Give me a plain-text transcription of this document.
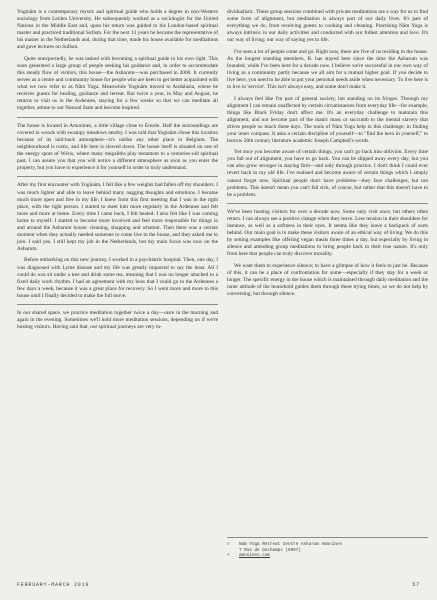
Yoginām is a contemporary mystic and spiritual guide who holds a degree in non-Western sociology from Leiden University. He subsequently worked as a sociologist for the United Nations in the Middle East and, upon his return was guided to his London-based spiritual master and practiced traditional Sufism. For the next 13 years he became the representative of his master in the Netherlands and, during that time, made his house available for meditations and gave lectures on Sufism.

Quite unexpectedly, he was tasked with becoming a spiritual guide in his own right. This soon generated a large group of people seeking his guidance and, in order to accommodate this steady flow of visitors, this house—the Asharum—was purchased in 2000. It currently serves as a centre and community house for people who are keen to get better acquainted with what we now refer to as Nām Yoga. Meanwhile Yoginām moved to Andalusia, where he receives guests for healing, guidance and retreat. But twice a year, in May and August, he returns to visit us in the Ardennes, staying for a few weeks so that we can meditate all together, attune to our Natural State and become inspired.

The house is located in Amonines, a little village close to Érezée. Half the surroundings are covered in woods with swampy meadows nearby. I was told that Yoginām chose this location because of its laid-back atmosphere—it's unlike any other place in Belgium. The neighbourhood is rustic, and life here is slowed down. The house itself is situated on one of the energy spots of Wéris, where many megaliths play testament to a centuries-old spiritual past. I can assure you that you will notice a different atmosphere as soon as you enter the property, but you have to experience it for yourself in order to truly understand.

After my first encounter with Yoginām, I felt like a few weights had fallen off my shoulders. I was much lighter and able to leave behind many nagging thoughts and emotions. I became much more open and free in my life. I knew from this first meeting that I was in the right place, with the right person. I started to meet him more regularly in the Ardennes and felt more and more at home. Every time I came back, I felt healed. I also felt like I was coming home to myself. I started to become more involved and feel more responsible for things in and around the Asharum house: cleaning, shopping and whatnot. Then there was a certain moment when they actually needed someone to come live in the house, and they asked me to join. I said yes. I still kept my job in the Netherlands, but my main focus was now on the Asharum.

Before embarking on this new journey, I worked in a psychiatric hospital. Then, one day, I was diagnosed with Lyme disease and my life was greatly impacted to say the least. All I could do was sit under a tree and drink some tea, meaning that I was no longer attached to a fixed daily work rhythm. I had an agreement with my boss that I could go to the Ardennes a few days a week, because it was a great place for recovery. So I went more and more to this house until I finally decided to make the full move.

In our shared space, we practice meditation together twice a day—once in the morning and again in the evening. Sometimes we'll hold more meditation sessions, depending on if we're hosting visitors. Having said that, our spiritual journeys are very in-

dividualistic. These group sessions combined with private meditations are a way for us to find some form of alignment, but meditation is always part of our daily lives. It's part of everything we do, from receiving guests to cooking and cleaning. Practising Nām Yoga is always intrinsic in our daily activities and conducted with our fullest attention and love. It's our way of living; our way of saying yes to life.

I've seen a lot of people come and go. Right now, there are five of us residing in the house. As the longest standing members, B. has stayed here since the time the Asharum was founded, while I've been here for a decade now. I believe we're successful in our own way of living as a community partly because we all aim for a mutual higher goal. If you decide to live here, you need to be able to put your personal needs aside when necessary. To live here is to live in 'service'. This isn't always easy, and some don't make it.

I always feel like I'm part of general society, but standing on its fringes. Through my alignment I can remain unaffected by certain circumstances from everyday life—for example, things like Black Friday don't affect me. It's an everyday challenge to maintain this alignment, and not become part of the manic mass or succumb to the mental slavery that drives people so much these days. The tools of Nām Yoga help in this challenge; in finding your inner compass. It asks a certain discipline of yourself—to "find the hero in yourself," to borrow 20th century literature academic Joseph Campbell's words.

Yet once you become aware of certain things, you can't go back into oblivion. Every time you fall out of alignment, you have to go back. You can be slipped away every day, but you can also grow stronger in staying firm—and only through practice. I don't think I could ever revert back to my old life. I've realised and become aware of certain things which I simply cannot forget now. Spiritual people don't have problems—they face challenges, but not problems. This doesn't mean you can't fall sick, of course, but rather that this doesn't have to be a problem.

We've been hosting visitors for over a decade now. Some only visit once, but others often return. I can always see a positive change when they leave. Less tension in their shoulders for instance, as well as a softness in their eyes. It seems like they leave a backpack of sorts behind. Our main goal is to make these visitors aware of an ethical way of living. We do this by setting examples like offering vegan meals three times a day, but especially by living in silence and attending group meditations to bring people back to their true nature. It's only from here that people can truly discover morality.

We want them to experience silence; to have a glimpse of how it feels to just be. Because of this, it can be a place of confrontation for some—especially if they stay for a week or longer. The specific energy in the house which is maintained through daily meditation and the inner attitude of the household guides them through these trying times, so we do not help by conversing, but through silence.

◊	Nām Yoga Retreat Centre Asharum Amonines
7 Rue de Dochamps (6997)
+	amonines.com
FEBRUARY–MARCH 2019	57
